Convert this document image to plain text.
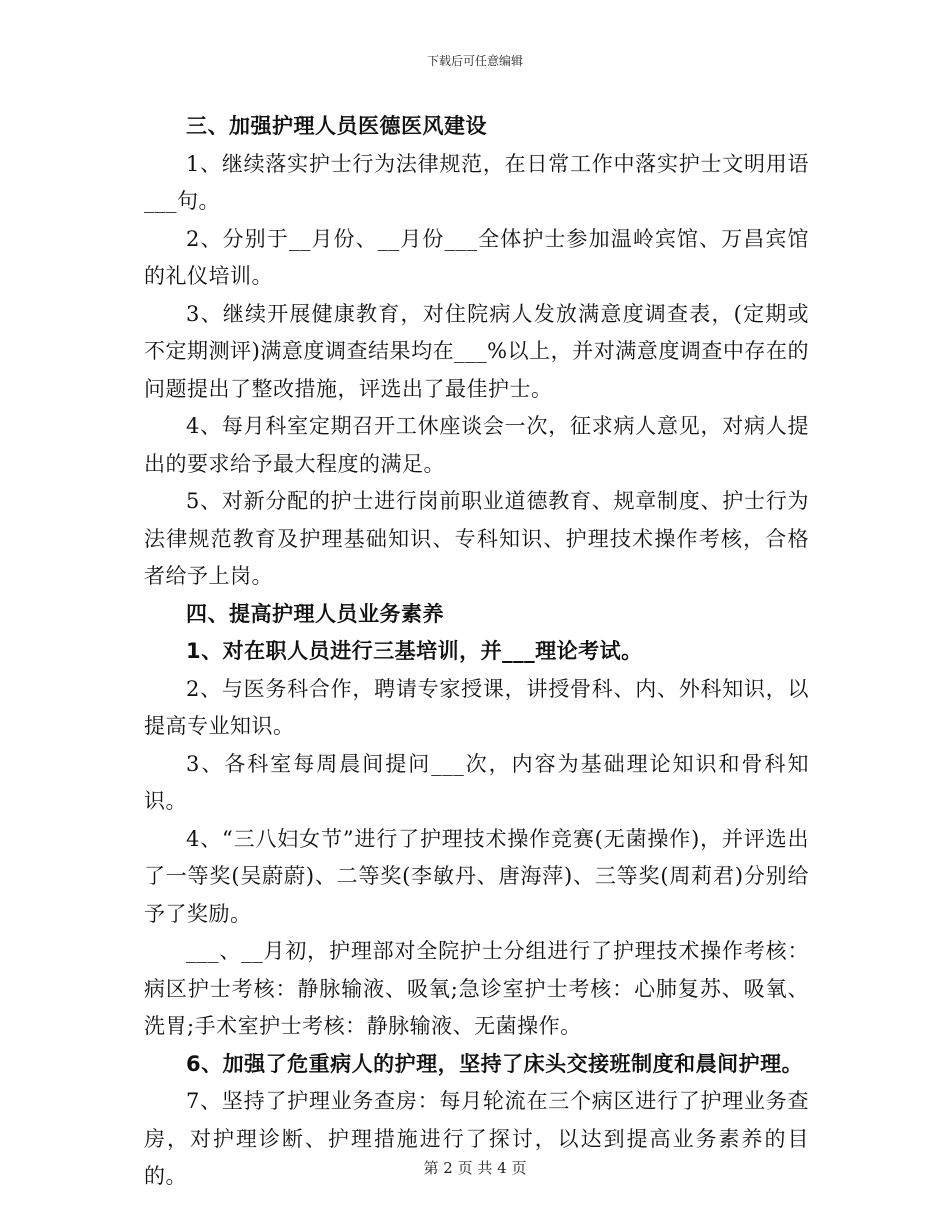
下载后可任意编辑

三、加强护理人员医德医风建设

1、继续落实护士行为法律规范，在日常工作中落实护士文明用语___句。

2、分别于__月份、__月份___全体护士参加温岭宾馆、万昌宾馆的礼仪培训。

3、继续开展健康教育，对住院病人发放满意度调查表，(定期或不定期测评)满意度调查结果均在___%以上，并对满意度调查中存在的问题提出了整改措施，评选出了最佳护士。

4、每月科室定期召开工休座谈会一次，征求病人意见，对病人提出的要求给予最大程度的满足。

5、对新分配的护士进行岗前职业道德教育、规章制度、护士行为法律规范教育及护理基础知识、专科知识、护理技术操作考核，合格者给予上岗。

四、提高护理人员业务素养

1、对在职人员进行三基培训，并___理论考试。

2、与医务科合作，聘请专家授课，讲授骨科、内、外科知识，以提高专业知识。

3、各科室每周晨间提问___次，内容为基础理论知识和骨科知识。

4、“三八妇女节”进行了护理技术操作竞赛(无菌操作)，并评选出了一等奖(吴蔚蔚)、二等奖(李敏丹、唐海萍)、三等奖(周莉君)分别给予了奖励。

___、__月初，护理部对全院护士分组进行了护理技术操作考核：病区护士考核：静脉输液、吸氧;急诊室护士考核：心肺复苏、吸氧、洗胃;手术室护士考核：静脉输液、无菌操作。

6、加强了危重病人的护理，坚持了床头交接班制度和晨间护理。

7、坚持了护理业务查房：每月轮流在三个病区进行了护理业务查房，对护理诊断、护理措施进行了探讨，以达到提高业务素养的目的。	第 2 页 共 4 页
